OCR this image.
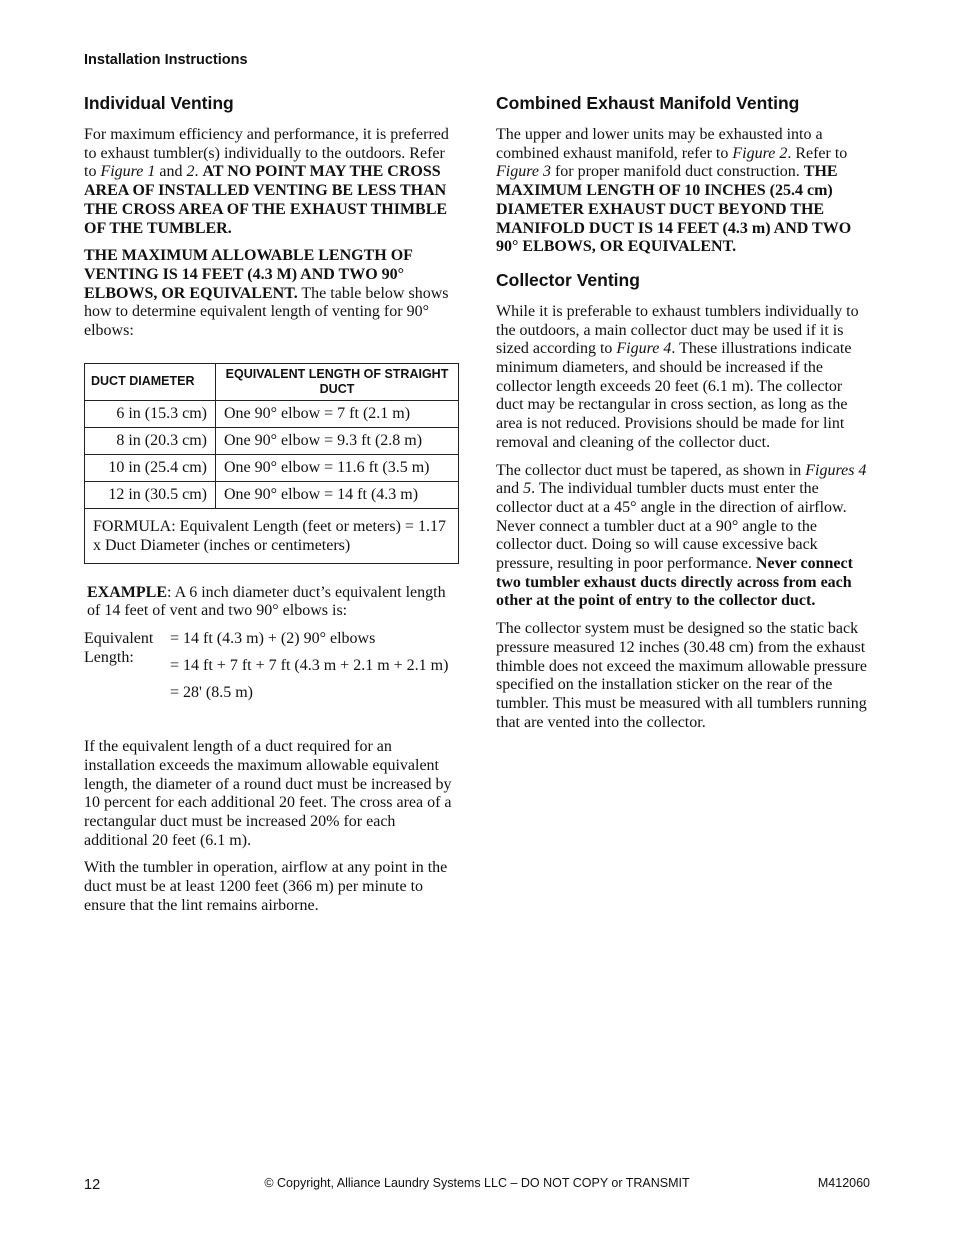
Installation Instructions
Individual Venting

For maximum efficiency and performance, it is preferred to exhaust tumbler(s) individually to the outdoors. Refer to Figure 1 and 2. AT NO POINT MAY THE CROSS AREA OF INSTALLED VENTING BE LESS THAN THE CROSS AREA OF THE EXHAUST THIMBLE OF THE TUMBLER.

THE MAXIMUM ALLOWABLE LENGTH OF VENTING IS 14 FEET (4.3 M) AND TWO 90° ELBOWS, OR EQUIVALENT. The table below shows how to determine equivalent length of venting for 90° elbows:

DUCT DIAMETER	EQUIVALENT LENGTH OF STRAIGHT DUCT
6 in (15.3 cm)	One 90° elbow = 7 ft (2.1 m)
8 in (20.3 cm)	One 90° elbow = 9.3 ft (2.8 m)
10 in (25.4 cm)	One 90° elbow = 11.6 ft (3.5 m)
12 in (30.5 cm)	One 90° elbow = 14 ft (4.3 m)
FORMULA: Equivalent Length (feet or meters) = 1.17 x Duct Diameter (inches or centimeters)	

EXAMPLE: A 6 inch diameter duct’s equivalent length of 14 feet of vent and two 90° elbows is:

Equivalent Length:
= 14 ft (4.3 m) + (2) 90° elbows
= 14 ft + 7 ft + 7 ft (4.3 m + 2.1 m + 2.1 m)
= 28' (8.5 m)

If the equivalent length of a duct required for an installation exceeds the maximum allowable equivalent length, the diameter of a round duct must be increased by 10 percent for each additional 20 feet. The cross area of a rectangular duct must be increased 20% for each additional 20 feet (6.1 m).

With the tumbler in operation, airflow at any point in the duct must be at least 1200 feet (366 m) per minute to ensure that the lint remains airborne.

Combined Exhaust Manifold Venting

The upper and lower units may be exhausted into a combined exhaust manifold, refer to Figure 2. Refer to Figure 3 for proper manifold duct construction. THE MAXIMUM LENGTH OF 10 INCHES (25.4 cm) DIAMETER EXHAUST DUCT BEYOND THE MANIFOLD DUCT IS 14 FEET (4.3 m) AND TWO 90° ELBOWS, OR EQUIVALENT.

Collector Venting

While it is preferable to exhaust tumblers individually to the outdoors, a main collector duct may be used if it is sized according to Figure 4. These illustrations indicate minimum diameters, and should be increased if the collector length exceeds 20 feet (6.1 m). The collector duct may be rectangular in cross section, as long as the area is not reduced. Provisions should be made for lint removal and cleaning of the collector duct.

The collector duct must be tapered, as shown in Figures 4 and 5. The individual tumbler ducts must enter the collector duct at a 45° angle in the direction of airflow. Never connect a tumbler duct at a 90° angle to the collector duct. Doing so will cause excessive back pressure, resulting in poor performance. Never connect two tumbler exhaust ducts directly across from each other at the point of entry to the collector duct.

The collector system must be designed so the static back pressure measured 12 inches (30.48 cm) from the exhaust thimble does not exceed the maximum allowable pressure specified on the installation sticker on the rear of the tumbler. This must be measured with all tumblers running that are vented into the collector.

12	© Copyright, Alliance Laundry Systems LLC – DO NOT COPY or TRANSMIT	M412060
